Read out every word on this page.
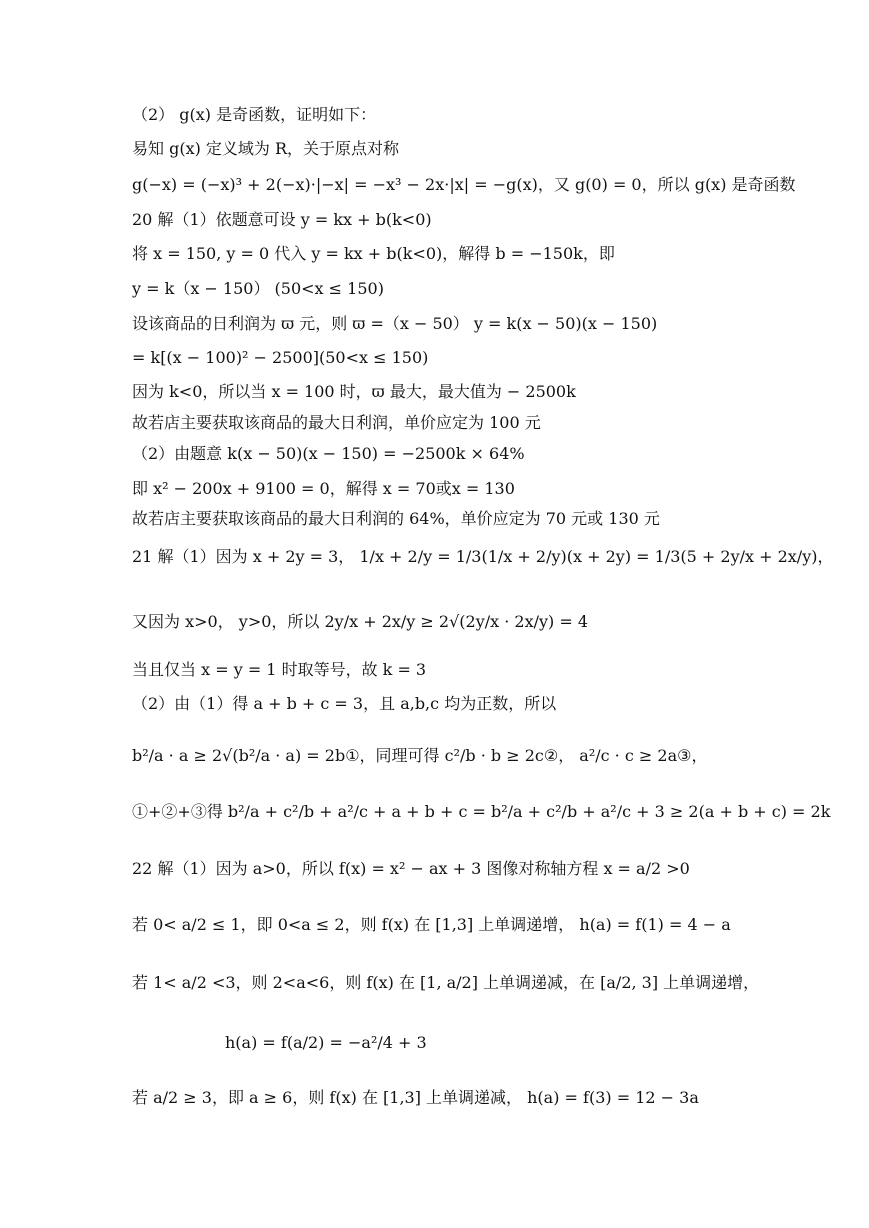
（2） g(x) 是奇函数，证明如下：
易知 g(x) 定义域为 R，关于原点对称
g(−x) = (−x)³ + 2(−x)·|−x| = −x³ − 2x·|x| = −g(x)，又 g(0) = 0，所以 g(x) 是奇函数
20 解（1）依题意可设 y = kx + b(k<0)
将 x = 150, y = 0 代入 y = kx + b(k<0)，解得 b = −150k，即
y = k（x − 150） (50<x ≤ 150)
设该商品的日利润为 ϖ 元，则 ϖ =（x − 50） y = k(x − 50)(x − 150)
= k[(x − 100)² − 2500](50<x ≤ 150)
因为 k<0，所以当 x = 100 时，ϖ 最大，最大值为 − 2500k
故若店主要获取该商品的最大日利润，单价应定为 100 元
（2）由题意 k(x − 50)(x − 150) = −2500k × 64%
即 x² − 200x + 9100 = 0，解得 x = 70或x = 130
故若店主要获取该商品的最大日利润的 64%，单价应定为 70 元或 130 元
21 解（1）因为 x + 2y = 3， 1/x + 2/y = 1/3(1/x + 2/y)(x + 2y) = 1/3(5 + 2y/x + 2x/y)，
又因为 x>0， y>0，所以 2y/x + 2x/y ≥ 2√(2y/x · 2x/y) = 4
当且仅当 x = y = 1 时取等号，故 k = 3
（2）由（1）得 a + b + c = 3，且 a,b,c 均为正数，所以
b²/a · a ≥ 2√(b²/a · a) = 2b①，同理可得 c²/b · b ≥ 2c②， a²/c · c ≥ 2a③，
①+②+③得 b²/a + c²/b + a²/c + a + b + c = b²/a + c²/b + a²/c + 3 ≥ 2(a + b + c) = 2k
22 解（1）因为 a>0，所以 f(x) = x² − ax + 3 图像对称轴方程 x = a/2 >0
若 0< a/2 ≤ 1，即 0<a ≤ 2，则 f(x) 在 [1,3] 上单调递增， h(a) = f(1) = 4 − a
若 1< a/2 <3，则 2<a<6，则 f(x) 在 [1, a/2] 上单调递减，在 [a/2, 3] 上单调递增，
h(a) = f(a/2) = −a²/4 + 3
若 a/2 ≥ 3，即 a ≥ 6，则 f(x) 在 [1,3] 上单调递减， h(a) = f(3) = 12 − 3a
